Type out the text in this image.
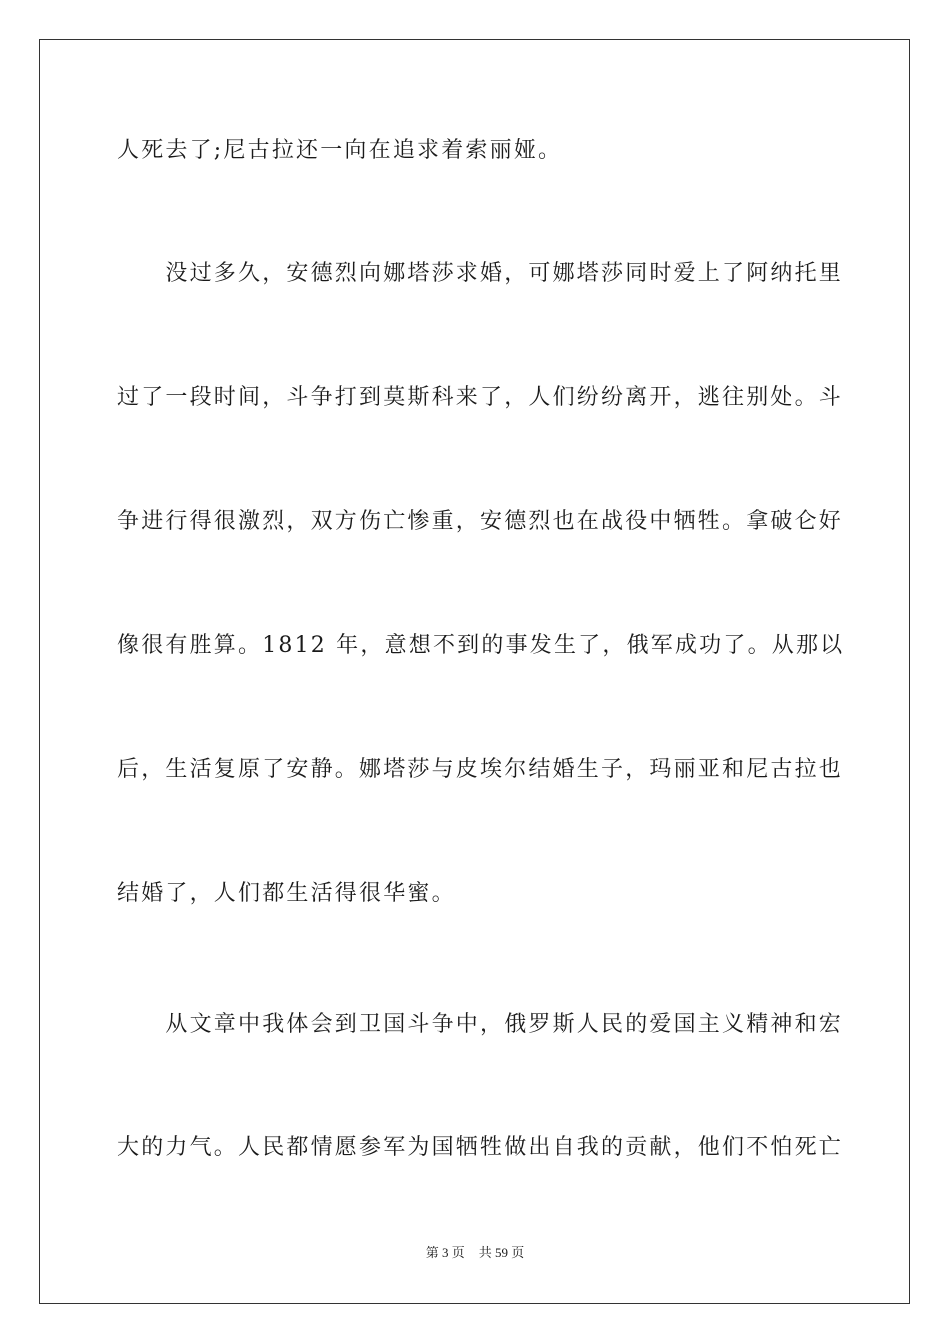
人死去了;尼古拉还一向在追求着索丽娅。
　　没过多久，安德烈向娜塔莎求婚，可娜塔莎同时爱上了阿纳托里
过了一段时间，斗争打到莫斯科来了，人们纷纷离开，逃往别处。斗
争进行得很激烈，双方伤亡惨重，安德烈也在战役中牺牲。拿破仑好
像很有胜算。1812 年，意想不到的事发生了，俄军成功了。从那以
后，生活复原了安静。娜塔莎与皮埃尔结婚生子，玛丽亚和尼古拉也
结婚了，人们都生活得很华蜜。
　　从文章中我体会到卫国斗争中，俄罗斯人民的爱国主义精神和宏
大的力气。人民都情愿参军为国牺牲做出自我的贡献，他们不怕死亡
第 3 页 共 59 页
